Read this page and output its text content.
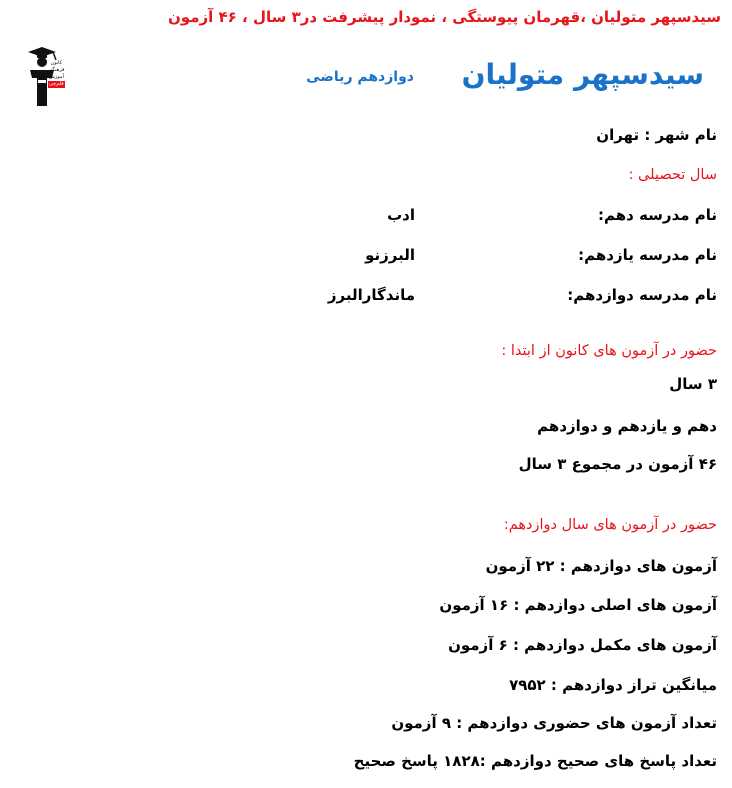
سیدسپهر متولیان ،قهرمان پیوستگی ، نمودار پیشرفت در۳ سال ، ۴۶ آزمون
کانون
فرهنگی
آموزش
قلم‌چی	سیدسپهر متولیان
دوازدهم ریاضی
نام شهر : تهران
سال تحصیلی :
نام مدرسه دهم:
ادب
نام مدرسه یازدهم:
البرزنو
نام مدرسه دوازدهم:
ماندگارالبرز
حضور در آزمون های کانون از ابتدا :
۳ سال
دهم و یازدهم و دوازدهم
۴۶ آزمون در مجموع ۳ سال
حضور در آزمون های سال دوازدهم:
آزمون های دوازدهم : ۲۲ آزمون
آزمون های اصلی دوازدهم : ۱۶ آزمون
آزمون های مکمل دوازدهم : ۶ آزمون
میانگین تراز دوازدهم : ۷۹۵۲
تعداد آزمون های حضوری دوازدهم : ۹ آزمون
تعداد پاسخ های صحیح دوازدهم :۱۸۲۸ پاسخ صحیح
